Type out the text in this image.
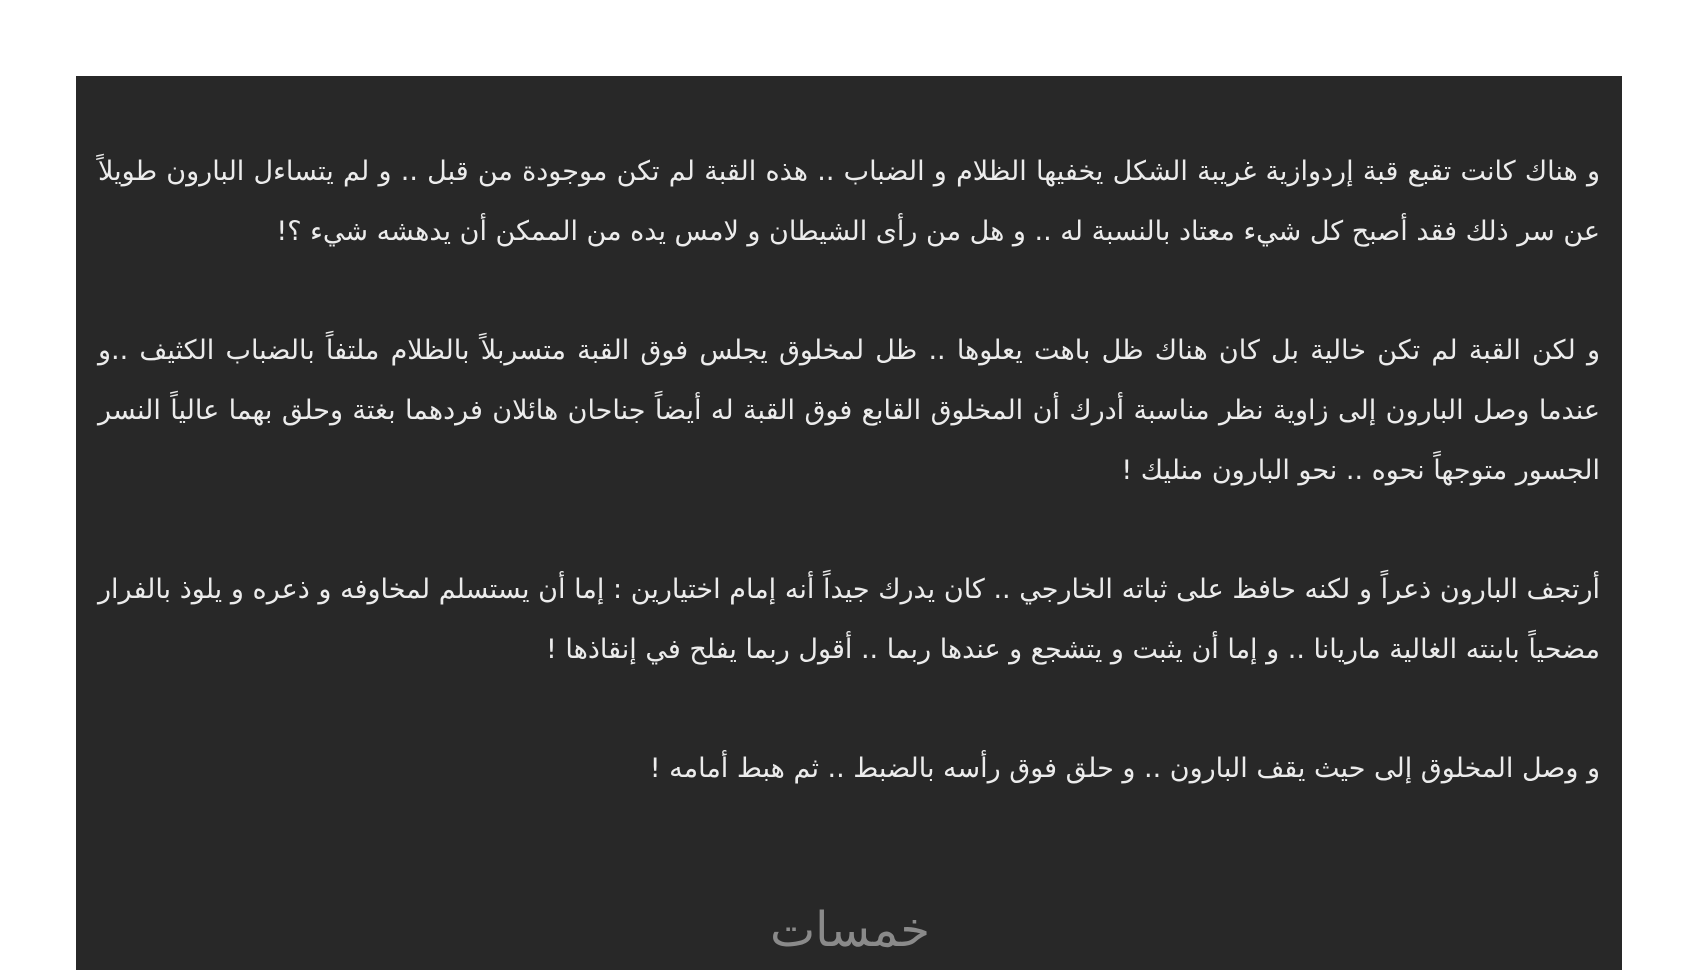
و هناك كانت تقبع قبة إردوازية غريبة الشكل يخفيها الظلام و الضباب .. هذه القبة لم تكن موجودة من قبل .. و لم يتساءل البارون طويلاً عن سر ذلك فقد أصبح كل شيء معتاد بالنسبة له .. و هل من رأى الشيطان و لامس يده من الممكن أن يدهشه شيء ؟!

و لكن القبة لم تكن خالية بل كان هناك ظل باهت يعلوها .. ظل لمخلوق يجلس فوق القبة متسربلاً بالظلام ملتفاً بالضباب الكثيف ..و عندما وصل البارون إلى زاوية نظر مناسبة أدرك أن المخلوق القابع فوق القبة له أيضاً جناحان هائلان فردهما بغتة وحلق بهما عالياً النسر الجسور متوجهاً نحوه .. نحو البارون منليك !

أرتجف البارون ذعراً و لكنه حافظ على ثباته الخارجي .. كان يدرك جيداً أنه إمام اختيارين : إما أن يستسلم لمخاوفه و ذعره و يلوذ بالفرار مضحياً بابنته الغالية ماريانا .. و إما أن يثبت و يتشجع و عندها ربما .. أقول ربما يفلح في إنقاذها !

و وصل المخلوق إلى حيث يقف البارون .. و حلق فوق رأسه بالضبط .. ثم هبط أمامه !

خمسات
